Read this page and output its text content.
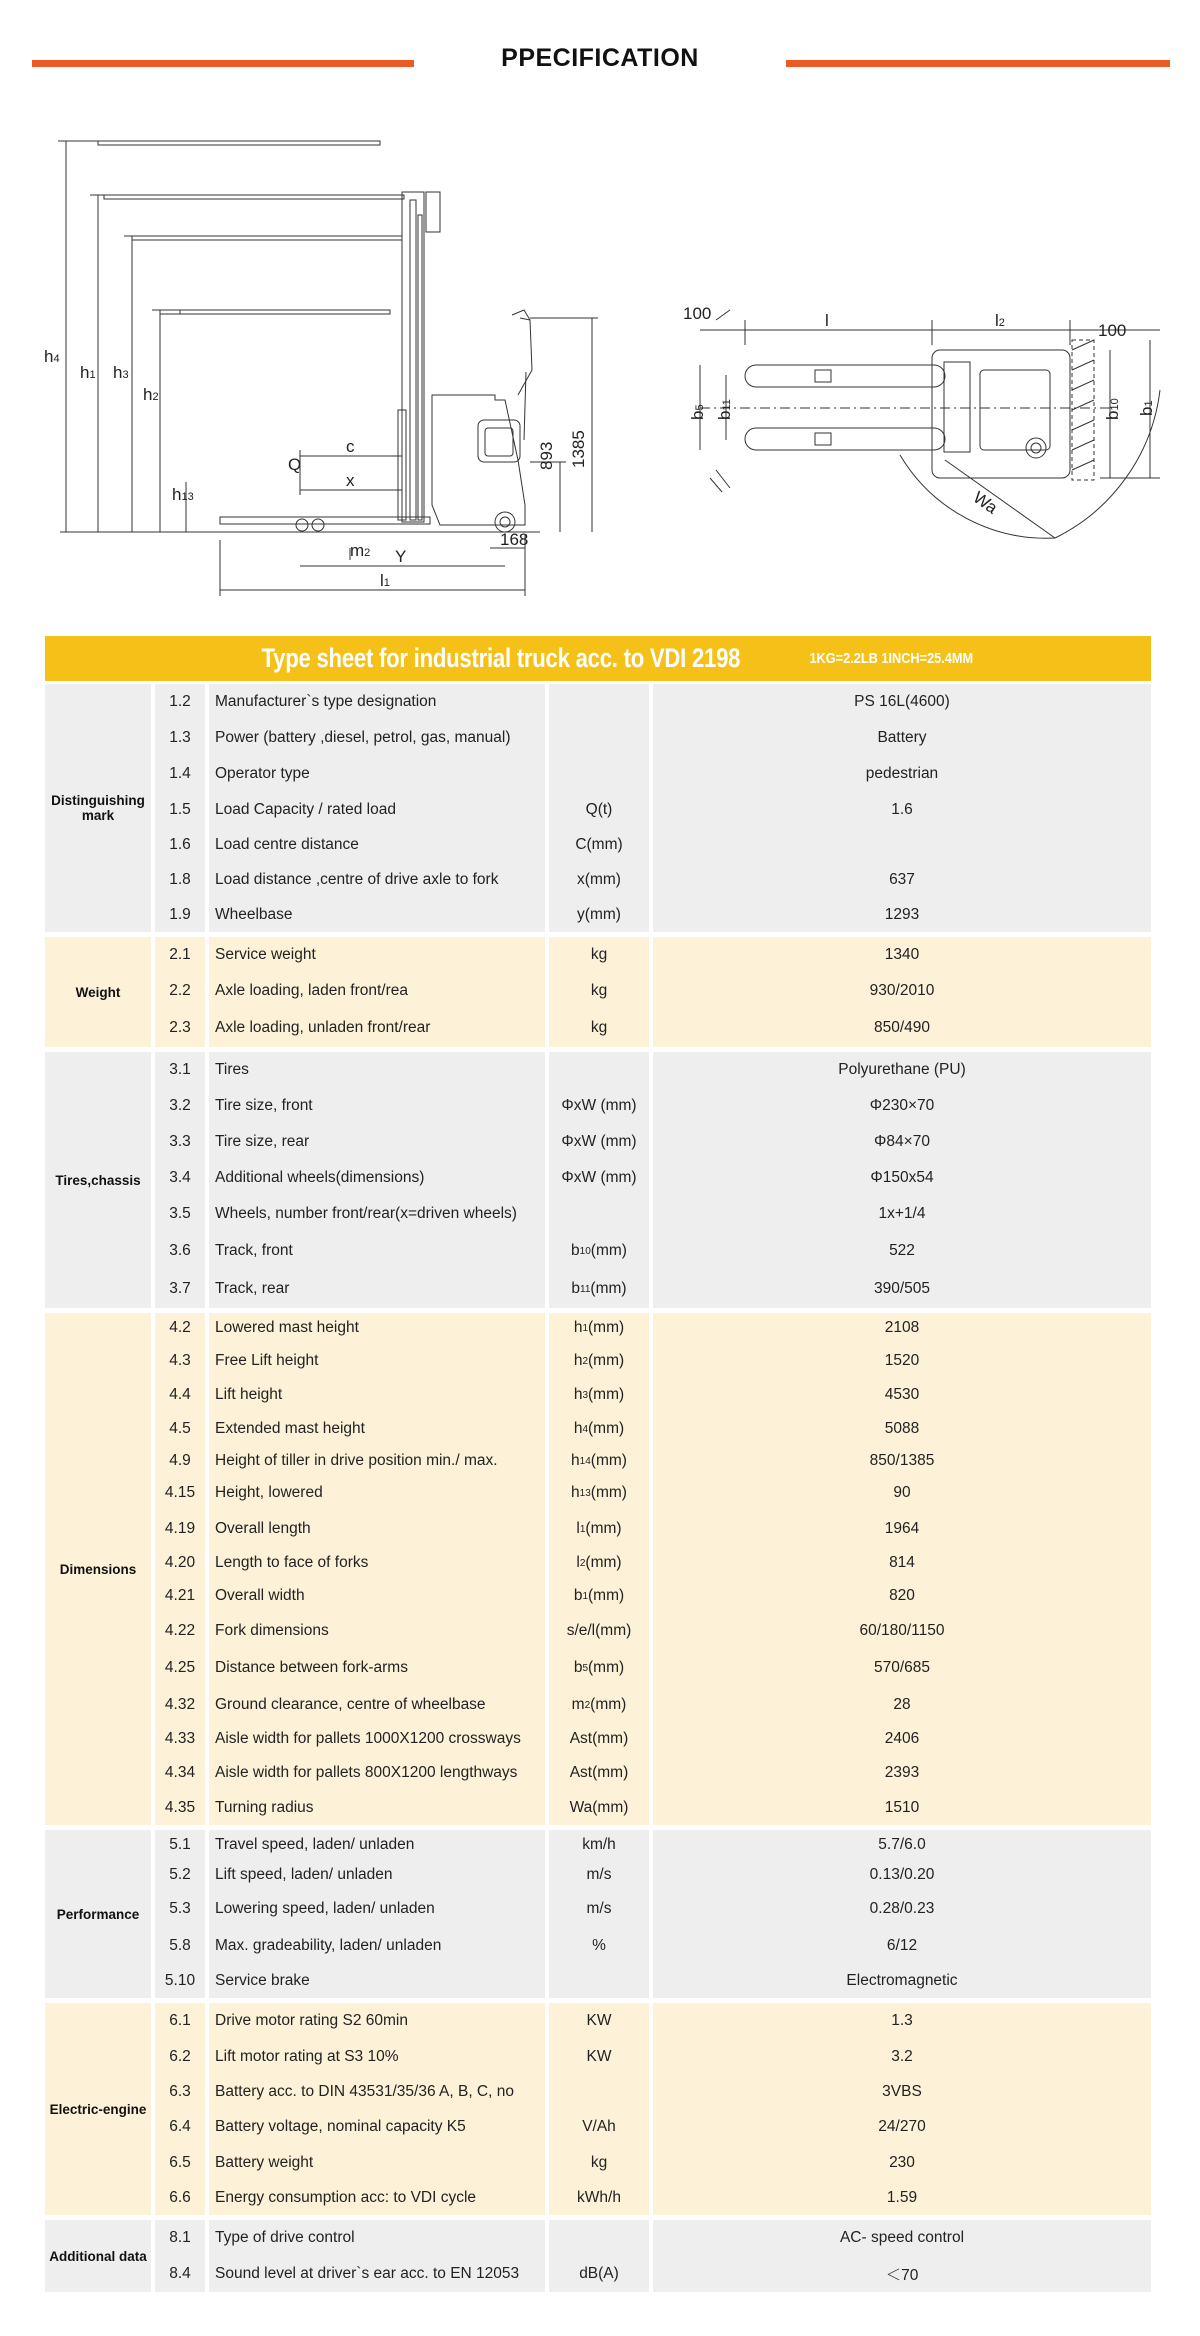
PPECIFICATION
h4
h1 h3
h2
h13
Q
c
x
m2 Y
l1
168
893 1385
100	l	l2	100
b5
b11
b10
b1
Wa
Type sheet for industrial truck acc. to VDI 2198	1KG=2.2LB 1INCH=25.4MM
Distinguishing mark
1.2	Manufacturer`s type designation	PS 16L(4600)
1.3	Power (battery ,diesel, petrol, gas, manual)	Battery
1.4	Operator type	pedestrian
1.5	Load Capacity / rated load	Q(t)	1.6
1.6	Load centre distance	C(mm)
1.8	Load distance ,centre of drive axle to fork	x(mm)	637
1.9	Wheelbase	y(mm)	1293
Weight
2.1	Service weight	kg	1340
2.2	Axle loading, laden front/rea	kg	930/2010
2.3	Axle loading, unladen front/rear	kg	850/490
Tires,chassis
3.1	Tires	Polyurethane (PU)
3.2	Tire size, front	ΦxW (mm)	Φ230×70
3.3	Tire size, rear	ΦxW (mm)	Φ84×70
3.4	Additional wheels(dimensions)	ΦxW (mm)	Φ150x54
3.5	Wheels, number front/rear(x=driven wheels)	1x+1/4
3.6	Track, front	b 10 (mm)	522
3.7	Track, rear	b 11 (mm)	390/505
Dimensions
4.2	Lowered mast height	h 1 (mm)	2108
4.3	Free Lift height	h 2 (mm)	1520
4.4	Lift height	h 3 (mm)	4530
4.5	Extended mast height	h 4 (mm)	5088
4.9	Height of tiller in drive position min./ max.	h 14 (mm)	850/1385
4.15	Height, lowered	h 13 (mm)	90
4.19	Overall length	l 1 (mm)	1964
4.20	Length to face of forks	l 2 (mm)	814
4.21	Overall width	b 1 (mm)	820
4.22	Fork dimensions	s/e/l(mm)	60/180/1150
4.25	Distance between fork-arms	b 5 (mm)	570/685
4.32	Ground clearance, centre of wheelbase	m 2 (mm)	28
4.33	Aisle width for pallets 1000X1200 crossways	Ast(mm)	2406
4.34	Aisle width for pallets 800X1200 lengthways	Ast(mm)	2393
4.35	Turning radius	Wa(mm)	1510
Performance
5.1	Travel speed, laden/ unladen	km/h	5.7/6.0
5.2	Lift speed, laden/ unladen	m/s	0.13/0.20
5.3	Lowering speed, laden/ unladen	m/s	0.28/0.23
5.8	Max. gradeability, laden/ unladen	%	6/12
5.10	Service brake	Electromagnetic
Electric-engine
6.1	Drive motor rating S2 60min	KW	1.3
6.2	Lift motor rating at S3 10%	KW	3.2
6.3	Battery acc. to DIN 43531/35/36 A, B, C, no	3VBS
6.4	Battery voltage, nominal capacity K5	V/Ah	24/270
6.5	Battery weight	kg	230
6.6	Energy consumption acc: to VDI cycle	kWh/h	1.59
Additional data
8.1	Type of drive control	AC- speed control
8.4	Sound level at driver`s ear acc. to EN 12053	dB(A)	＜70
